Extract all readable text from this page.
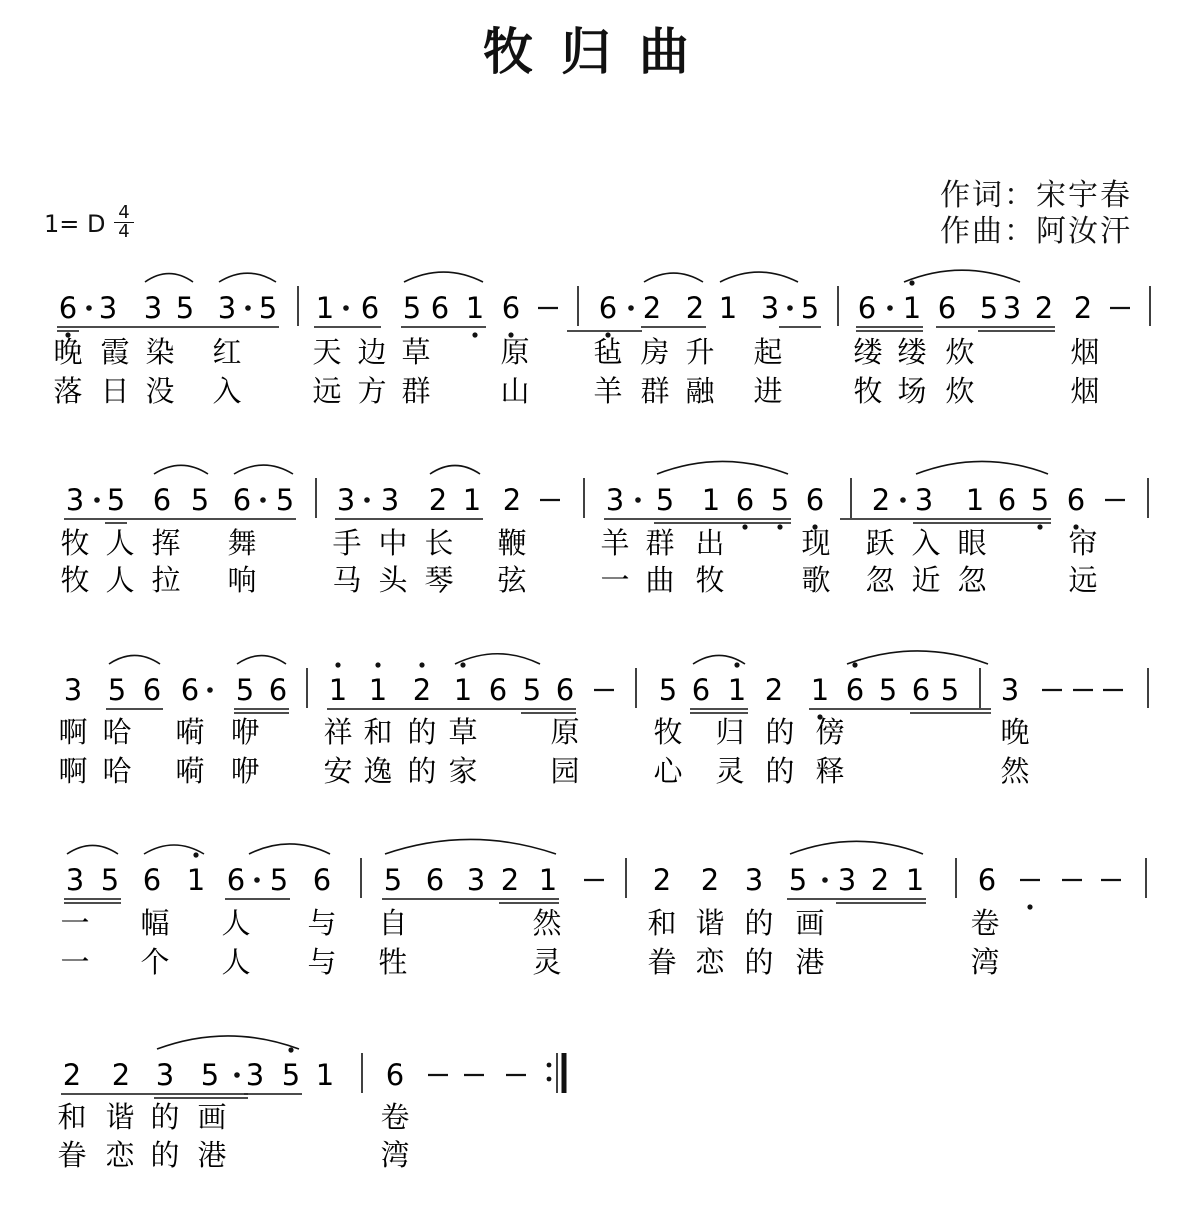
牧归曲
作词：宋宇春
作曲：阿汝汗
1= D $\frac{4}{4}$
6 3 3 5 3 5 1 6 5 6 1 6	6 2 2 1 3 5 6 1 6 5 3 2 2
晚 霞 染 红 天 边 草 原 毡 房 升 起 缕 缕 炊	烟
落 日 没 入 远 方 群 山 羊 群 融 进 牧 场 炊	烟
3 5 6 5 6 5 3 3 2 1 2	3 5 1 6 5 6 2 3 1 6 5 6
牧 人 挥 舞	手 中 长 鞭	羊 群 出	现 跃 入 眼	帘
牧 人 拉 响	马 头 琴 弦	一 曲 牧	歌 忽 近 忽	远
3 5 6 6 5 6 1 1 2 1 6 5 6	5 6 1 2 1 6 5 6 5 3
啊 哈 嗬 咿 祥 和 的 草	原	牧 归 的 傍	晚
啊 哈 嗬 咿 安 逸 的 家	园	心 灵 的 释	然
3 5 6 1 6 5 6 5 6 3 2 1	2 2 3 5 3 2 1 6
一 幅 人 与 自	然	和 谐 的 画	卷
一 个 人 与 牲	灵	眷 恋 的 港	湾
2 2 3 5 3 5 1 6
和 谐 的 画	卷
眷 恋 的 港	湾
